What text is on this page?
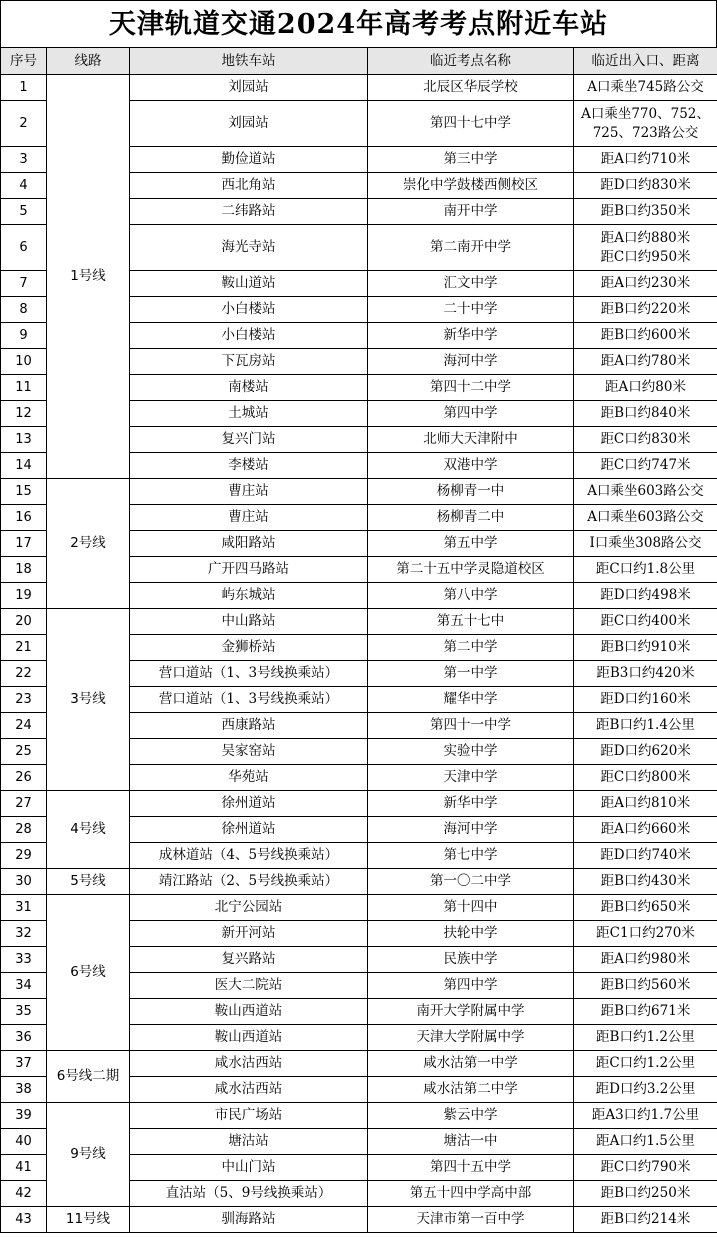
天津轨道交通2024年高考考点附近车站
序号	线路	地铁车站	临近考点名称	临近出入口、距离
1	1号线	刘园站	北辰区华辰学校	A口乘坐745路公交

2		刘园站	第四十七中学	A口乘坐770、752、
725、723路公交

3		勤俭道站	第三中学	距A口约710米

4		西北角站	崇化中学鼓楼西侧校区	距D口约830米

5		二纬路站	南开中学	距B口约350米

6		海光寺站	第二南开中学	距A口约880米
距C口约950米

7		鞍山道站	汇文中学	距A口约230米

8		小白楼站	二十中学	距B口约220米

9		小白楼站	新华中学	距B口约600米

10		下瓦房站	海河中学	距A口约780米

11		南楼站	第四十二中学	距A口约80米

12		土城站	第四中学	距B口约840米

13		复兴门站	北师大天津附中	距C口约830米

14		李楼站	双港中学	距C口约747米

15	2号线	曹庄站	杨柳青一中	A口乘坐603路公交

16		曹庄站	杨柳青二中	A口乘坐603路公交

17		咸阳路站	第五中学	I口乘坐308路公交

18		广开四马路站	第二十五中学灵隐道校区	距C口约1.8公里

19		屿东城站	第八中学	距D口约498米

20	3号线	中山路站	第五十七中	距C口约400米

21		金狮桥站	第二中学	距B口约910米

22		营口道站（1、3号线换乘站）	第一中学	距B3口约420米

23		营口道站（1、3号线换乘站）	耀华中学	距D口约160米

24		西康路站	第四十一中学	距B口约1.4公里

25		吴家窑站	实验中学	距D口约620米

26		华苑站	天津中学	距C口约800米

27	4号线	徐州道站	新华中学	距A口约810米

28		徐州道站	海河中学	距A口约660米

29		成林道站（4、5号线换乘站）	第七中学	距D口约740米

30	5号线	靖江路站（2、5号线换乘站）	第一〇二中学	距B口约430米

31	6号线	北宁公园站	第十四中	距B口约650米

32		新开河站	扶轮中学	距C1口约270米

33		复兴路站	民族中学	距A口约980米

34		医大二院站	第四中学	距B口约560米

35		鞍山西道站	南开大学附属中学	距B口约671米

36		鞍山西道站	天津大学附属中学	距B口约1.2公里

37	6号线二期	咸水沽西站	咸水沽第一中学	距C口约1.2公里

38		咸水沽西站	咸水沽第二中学	距D口约3.2公里

39	9号线	市民广场站	紫云中学	距A3口约1.7公里

40		塘沽站	塘沽一中	距A口约1.5公里

41		中山门站	第四十五中学	距C口约790米

42		直沽站（5、9号线换乘站）	第五十四中学高中部	距B口约250米

43	11号线	驯海路站	天津市第一百中学	距B口约214米
